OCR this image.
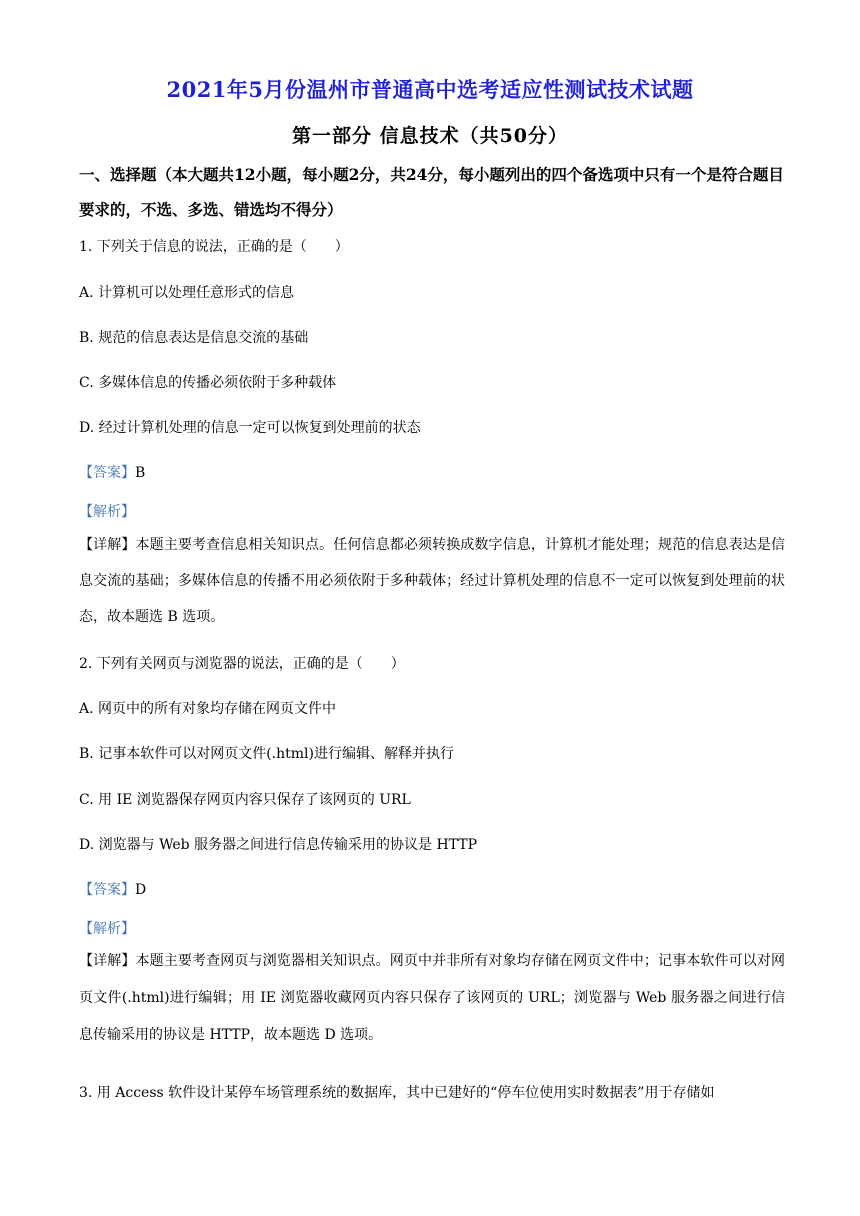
2021年5月份温州市普通高中选考适应性测试技术试题
第一部分 信息技术（共50分）
一、选择题（本大题共12小题，每小题2分，共24分，每小题列出的四个备选项中只有一个是符合题目要求的，不选、多选、错选均不得分）
1. 下列关于信息的说法，正确的是（　　）
A. 计算机可以处理任意形式的信息
B. 规范的信息表达是信息交流的基础
C. 多媒体信息的传播必须依附于多种载体
D. 经过计算机处理的信息一定可以恢复到处理前的状态
【答案】B
【解析】
【详解】本题主要考查信息相关知识点。任何信息都必须转换成数字信息，计算机才能处理；规范的信息表达是信息交流的基础；多媒体信息的传播不用必须依附于多种载体；经过计算机处理的信息不一定可以恢复到处理前的状态，故本题选 B 选项。
2. 下列有关网页与浏览器的说法，正确的是（　　）
A. 网页中的所有对象均存储在网页文件中
B. 记事本软件可以对网页文件(.html)进行编辑、解释并执行
C. 用 IE 浏览器保存网页内容只保存了该网页的 URL
D. 浏览器与 Web 服务器之间进行信息传输采用的协议是 HTTP
【答案】D
【解析】
【详解】本题主要考查网页与浏览器相关知识点。网页中并非所有对象均存储在网页文件中；记事本软件可以对网页文件(.html)进行编辑；用 IE 浏览器收藏网页内容只保存了该网页的 URL；浏览器与 Web 服务器之间进行信息传输采用的协议是 HTTP，故本题选 D 选项。
3. 用 Access 软件设计某停车场管理系统的数据库，其中已建好的“停车位使用实时数据表”用于存储如
